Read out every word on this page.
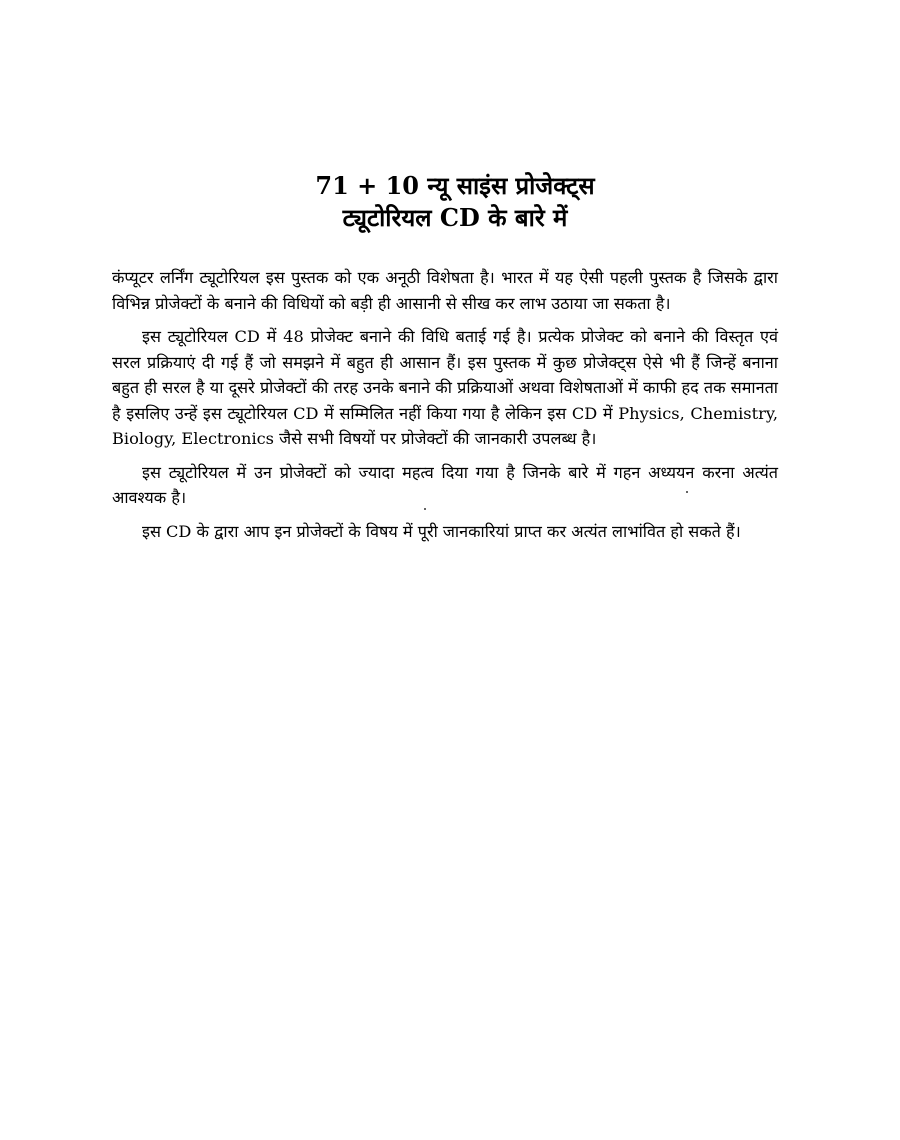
71 + 10 न्यू साइंस प्रोजेक्ट्स
ट्यूटोरियल CD के बारे में

कंप्यूटर लर्निंग ट्यूटोरियल इस पुस्तक को एक अनूठी विशेषता है। भारत में यह ऐसी पहली पुस्तक है जिसके द्वारा विभिन्न प्रोजेक्टों के बनाने की विधियों को बड़ी ही आसानी से सीख कर लाभ उठाया जा सकता है।

इस ट्यूटोरियल CD में 48 प्रोजेक्ट बनाने की विधि बताई गई है। प्रत्येक प्रोजेक्ट को बनाने की विस्तृत एवं सरल प्रक्रियाएं दी गई हैं जो समझने में बहुत ही आसान हैं। इस पुस्तक में कुछ प्रोजेक्ट्स ऐसे भी हैं जिन्हें बनाना बहुत ही सरल है या दूसरे प्रोजेक्टों की तरह उनके बनाने की प्रक्रियाओं अथवा विशेषताओं में काफी हद तक समानता है इसलिए उन्हें इस ट्यूटोरियल CD में सम्मिलित नहीं किया गया है लेकिन इस CD में Physics, Chemistry, Biology, Electronics जैसे सभी विषयों पर प्रोजेक्टों की जानकारी उपलब्ध है।

इस ट्यूटोरियल में उन प्रोजेक्टों को ज्यादा महत्व दिया गया है जिनके बारे में गहन अध्ययन करना अत्यंत आवश्यक है।

इस CD के द्वारा आप इन प्रोजेक्टों के विषय में पूरी जानकारियां प्राप्त कर अत्यंत लाभांवित हो सकते हैं।
